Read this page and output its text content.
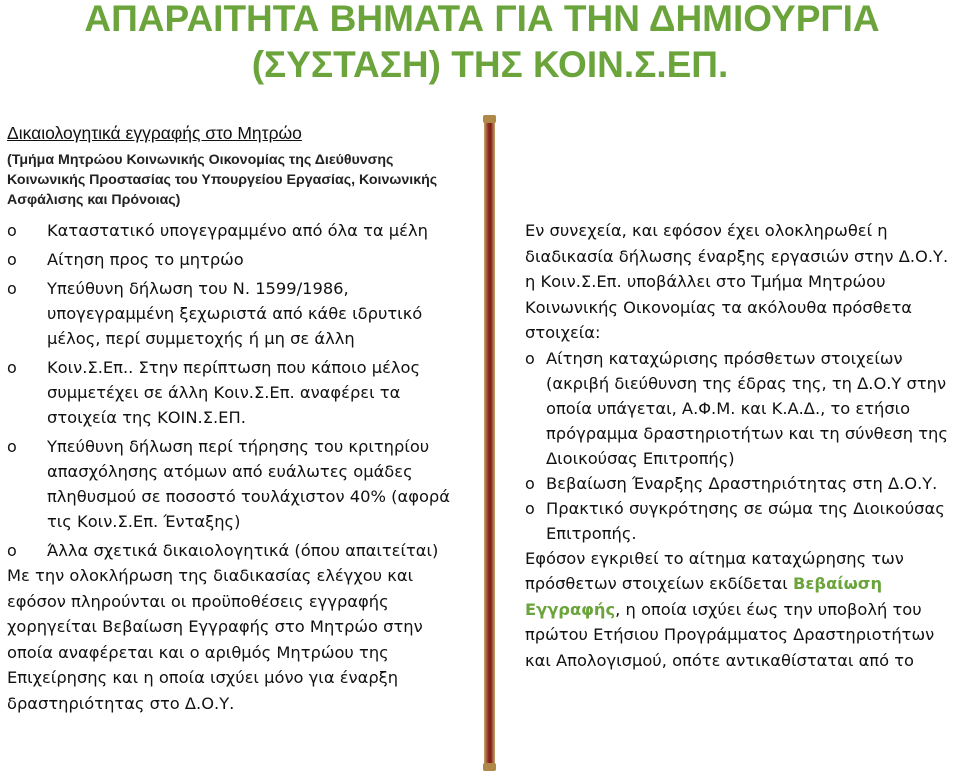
ΑΠΑΡΑΙΤΗΤΑ ΒΗΜΑΤΑ ΓΙΑ ΤΗΝ ΔΗΜΙΟΥΡΓΙΑ
(ΣΥΣΤΑΣΗ) ΤΗΣ ΚΟΙΝ.Σ.ΕΠ.

Δικαιολογητικά εγγραφής στο Μητρώο

(Τμήμα Μητρώου Κοινωνικής Οικονομίας της Διεύθυνσης Κοινωνικής Προστασίας του Υπουργείου Εργασίας, Κοινωνικής Ασφάλισης και Πρόνοιας)

o Καταστατικό υπογεγραμμένο από όλα τα μέλη
o Αίτηση προς το μητρώο
o Υπεύθυνη δήλωση του Ν. 1599/1986, υπογεγραμμένη ξεχωριστά από κάθε ιδρυτικό μέλος, περί συμμετοχής ή μη σε άλλη
o Κοιν.Σ.Επ.. Στην περίπτωση που κάποιο μέλος συμμετέχει σε άλλη Κοιν.Σ.Επ. αναφέρει τα στοιχεία της ΚΟΙΝ.Σ.ΕΠ.
o Υπεύθυνη δήλωση περί τήρησης του κριτηρίου απασχόλησης ατόμων από ευάλωτες ομάδες πληθυσμού σε ποσοστό τουλάχιστον 40% (αφορά τις Κοιν.Σ.Επ. Ένταξης)
o Άλλα σχετικά δικαιολογητικά (όπου απαιτείται)

Με την ολοκλήρωση της διαδικασίας ελέγχου και εφόσον πληρούνται οι προϋποθέσεις εγγραφής χορηγείται Βεβαίωση Εγγραφής στο Μητρώο στην οποία αναφέρεται και ο αριθμός Μητρώου της Επιχείρησης και η οποία ισχύει μόνο για έναρξη δραστηριότητας στο Δ.Ο.Υ.

Εν συνεχεία, και εφόσον έχει ολοκληρωθεί η διαδικασία δήλωσης έναρξης εργασιών στην Δ.Ο.Υ. η Κοιν.Σ.Επ. υποβάλλει στο Τμήμα Μητρώου Κοινωνικής Οικονομίας τα ακόλουθα πρόσθετα στοιχεία:

o Αίτηση καταχώρισης πρόσθετων στοιχείων (ακριβή διεύθυνση της έδρας της, τη Δ.Ο.Υ στην οποία υπάγεται, Α.Φ.Μ. και Κ.Α.Δ., το ετήσιο πρόγραμμα δραστηριοτήτων και τη σύνθεση της Διοικούσας Επιτροπής)
o Βεβαίωση Έναρξης Δραστηριότητας στη Δ.Ο.Υ.
o Πρακτικό συγκρότησης σε σώμα της Διοικούσας Επιτροπής.

Εφόσον εγκριθεί το αίτημα καταχώρησης των πρόσθετων στοιχείων εκδίδεται Βεβαίωση Εγγραφής, η οποία ισχύει έως την υποβολή του πρώτου Ετήσιου Προγράμματος Δραστηριοτήτων και Απολογισμού, οπότε αντικαθίσταται από το
